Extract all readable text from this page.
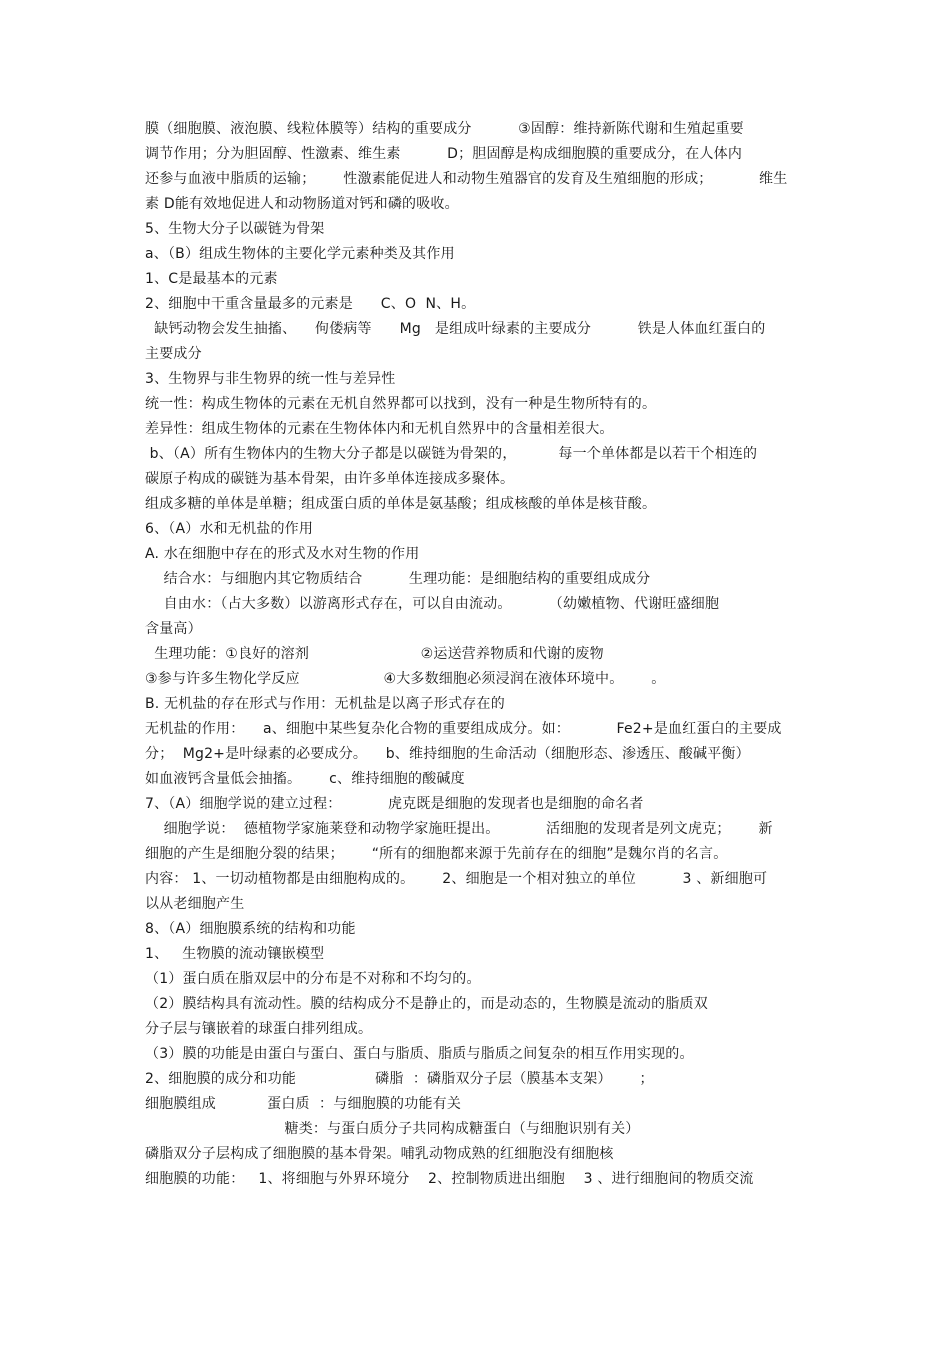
膜（细胞膜、液泡膜、线粒体膜等）结构的重要成分          ③固醇：维持新陈代谢和生殖起重要
调节作用；分为胆固醇、性激素、维生素          D；胆固醇是构成细胞膜的重要成分，在人体内
还参与血液中脂质的运输；      性激素能促进人和动物生殖器官的发育及生殖细胞的形成；          维生
素 D能有效地促进人和动物肠道对钙和磷的吸收。
5、生物大分子以碳链为骨架
a、（B）组成生物体的主要化学元素种类及其作用
1、C是最基本的元素
2、细胞中干重含量最多的元素是      C、O  N、H。
缺钙动物会发生抽搐、    佝偻病等      Mg   是组成叶绿素的主要成分          铁是人体血红蛋白的
主要成分
3、生物界与非生物界的统一性与差异性
统一性：构成生物体的元素在无机自然界都可以找到，没有一种是生物所特有的。
差异性：组成生物体的元素在生物体体内和无机自然界中的含量相差很大。
b、（A）所有生物体内的生物大分子都是以碳链为骨架的，         每一个单体都是以若干个相连的
碳原子构成的碳链为基本骨架，由许多单体连接成多聚体。
组成多糖的单体是单糖；组成蛋白质的单体是氨基酸；组成核酸的单体是核苷酸。
6、（A）水和无机盐的作用
A. 水在细胞中存在的形式及水对生物的作用
结合水：与细胞内其它物质结合          生理功能：是细胞结构的重要组成成分
自由水：（占大多数）以游离形式存在，可以自由流动。        （幼嫩植物、代谢旺盛细胞
含量高）
生理功能：①良好的溶剂                        ②运送营养物质和代谢的废物
③参与许多生物化学反应                  ④大多数细胞必须浸润在液体环境中。      。
B. 无机盐的存在形式与作用：无机盐是以离子形式存在的
无机盐的作用：    a、细胞中某些复杂化合物的重要组成成分。如：          Fe2+是血红蛋白的主要成
分；  Mg2+是叶绿素的必要成分。    b、维持细胞的生命活动（细胞形态、渗透压、酸碱平衡）
如血液钙含量低会抽搐。      c、维持细胞的酸碱度
7、（A）细胞学说的建立过程：          虎克既是细胞的发现者也是细胞的命名者
细胞学说：  德植物学家施莱登和动物学家施旺提出。          活细胞的发现者是列文虎克；      新
细胞的产生是细胞分裂的结果；      “所有的细胞都来源于先前存在的细胞”是魏尔肖的名言。
内容： 1、一切动植物都是由细胞构成的。      2、细胞是一个相对独立的单位          3 、新细胞可
以从老细胞产生
8、（A）细胞膜系统的结构和功能
1、   生物膜的流动镶嵌模型
（1）蛋白质在脂双层中的分布是不对称和不均匀的。
（2）膜结构具有流动性。膜的结构成分不是静止的，而是动态的，生物膜是流动的脂质双
分子层与镶嵌着的球蛋白排列组成。
（3）膜的功能是由蛋白与蛋白、蛋白与脂质、脂质与脂质之间复杂的相互作用实现的。
2、细胞膜的成分和功能                 磷脂  ：磷脂双分子层（膜基本支架）      ；
细胞膜组成           蛋白质  ：与细胞膜的功能有关
糖类：与蛋白质分子共同构成糖蛋白（与细胞识别有关）
磷脂双分子层构成了细胞膜的基本骨架。哺乳动物成熟的红细胞没有细胞核
细胞膜的功能：   1、将细胞与外界环境分    2、控制物质进出细胞    3 、进行细胞间的物质交流
